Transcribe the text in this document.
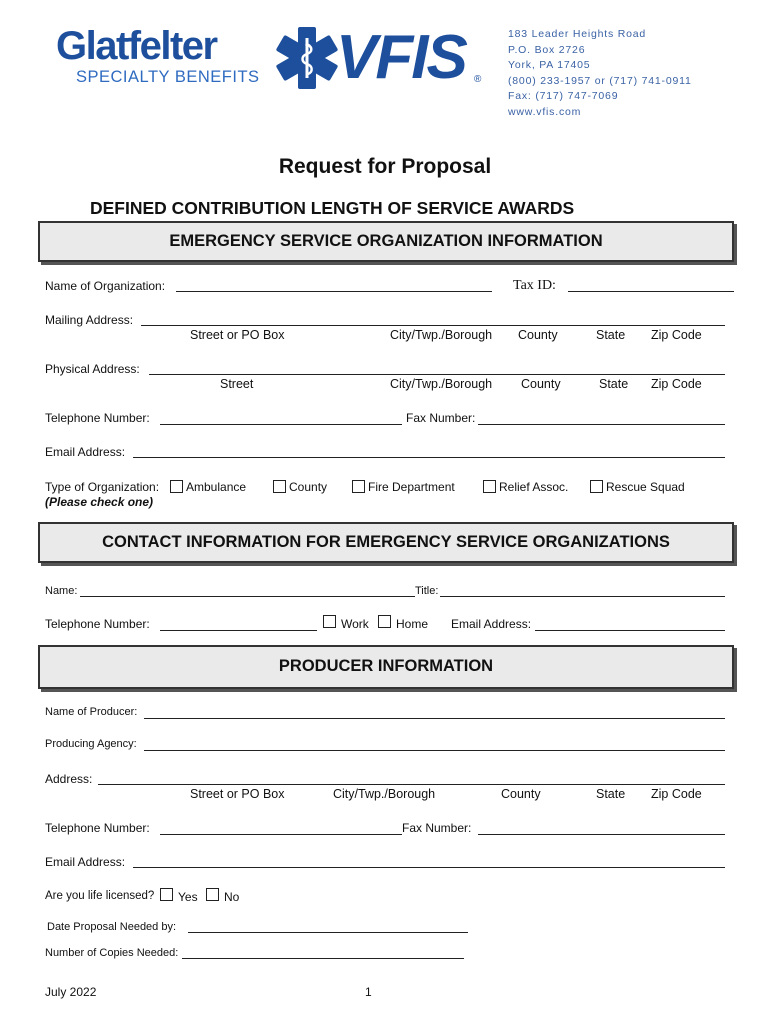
Glatfelter
SPECIALTY BENEFITS VFIS ®
183 Leader Heights Road
P.O. Box 2726
York, PA 17405
(800) 233-1957 or (717) 741-0911
Fax: (717) 747-7069
www.vfis.com
Request for Proposal
DEFINED CONTRIBUTION LENGTH OF SERVICE AWARDS
EMERGENCY SERVICE ORGANIZATION INFORMATION
Name of Organization:	Tax ID:
Mailing Address:
Street or PO Box	City/Twp./Borough County	State Zip Code
Physical Address:
Street	City/Twp./Borough County	State Zip Code
Telephone Number:	Fax Number:
Email Address:
Type of Organization:
(Please check one)
Ambulance	County	Fire Department	Relief Assoc.	Rescue Squad
CONTACT INFORMATION FOR EMERGENCY SERVICE ORGANIZATIONS
Name:	Title:
Telephone Number:	Work Home Email Address:
PRODUCER INFORMATION
Name of Producer:
Producing Agency:
Address:
Street or PO Box	City/Twp./Borough	County	State Zip Code
Telephone Number:	Fax Number:
Email Address:
Are you life licensed? Yes No
Date Proposal Needed by:
Number of Copies Needed:
July 2022	1
